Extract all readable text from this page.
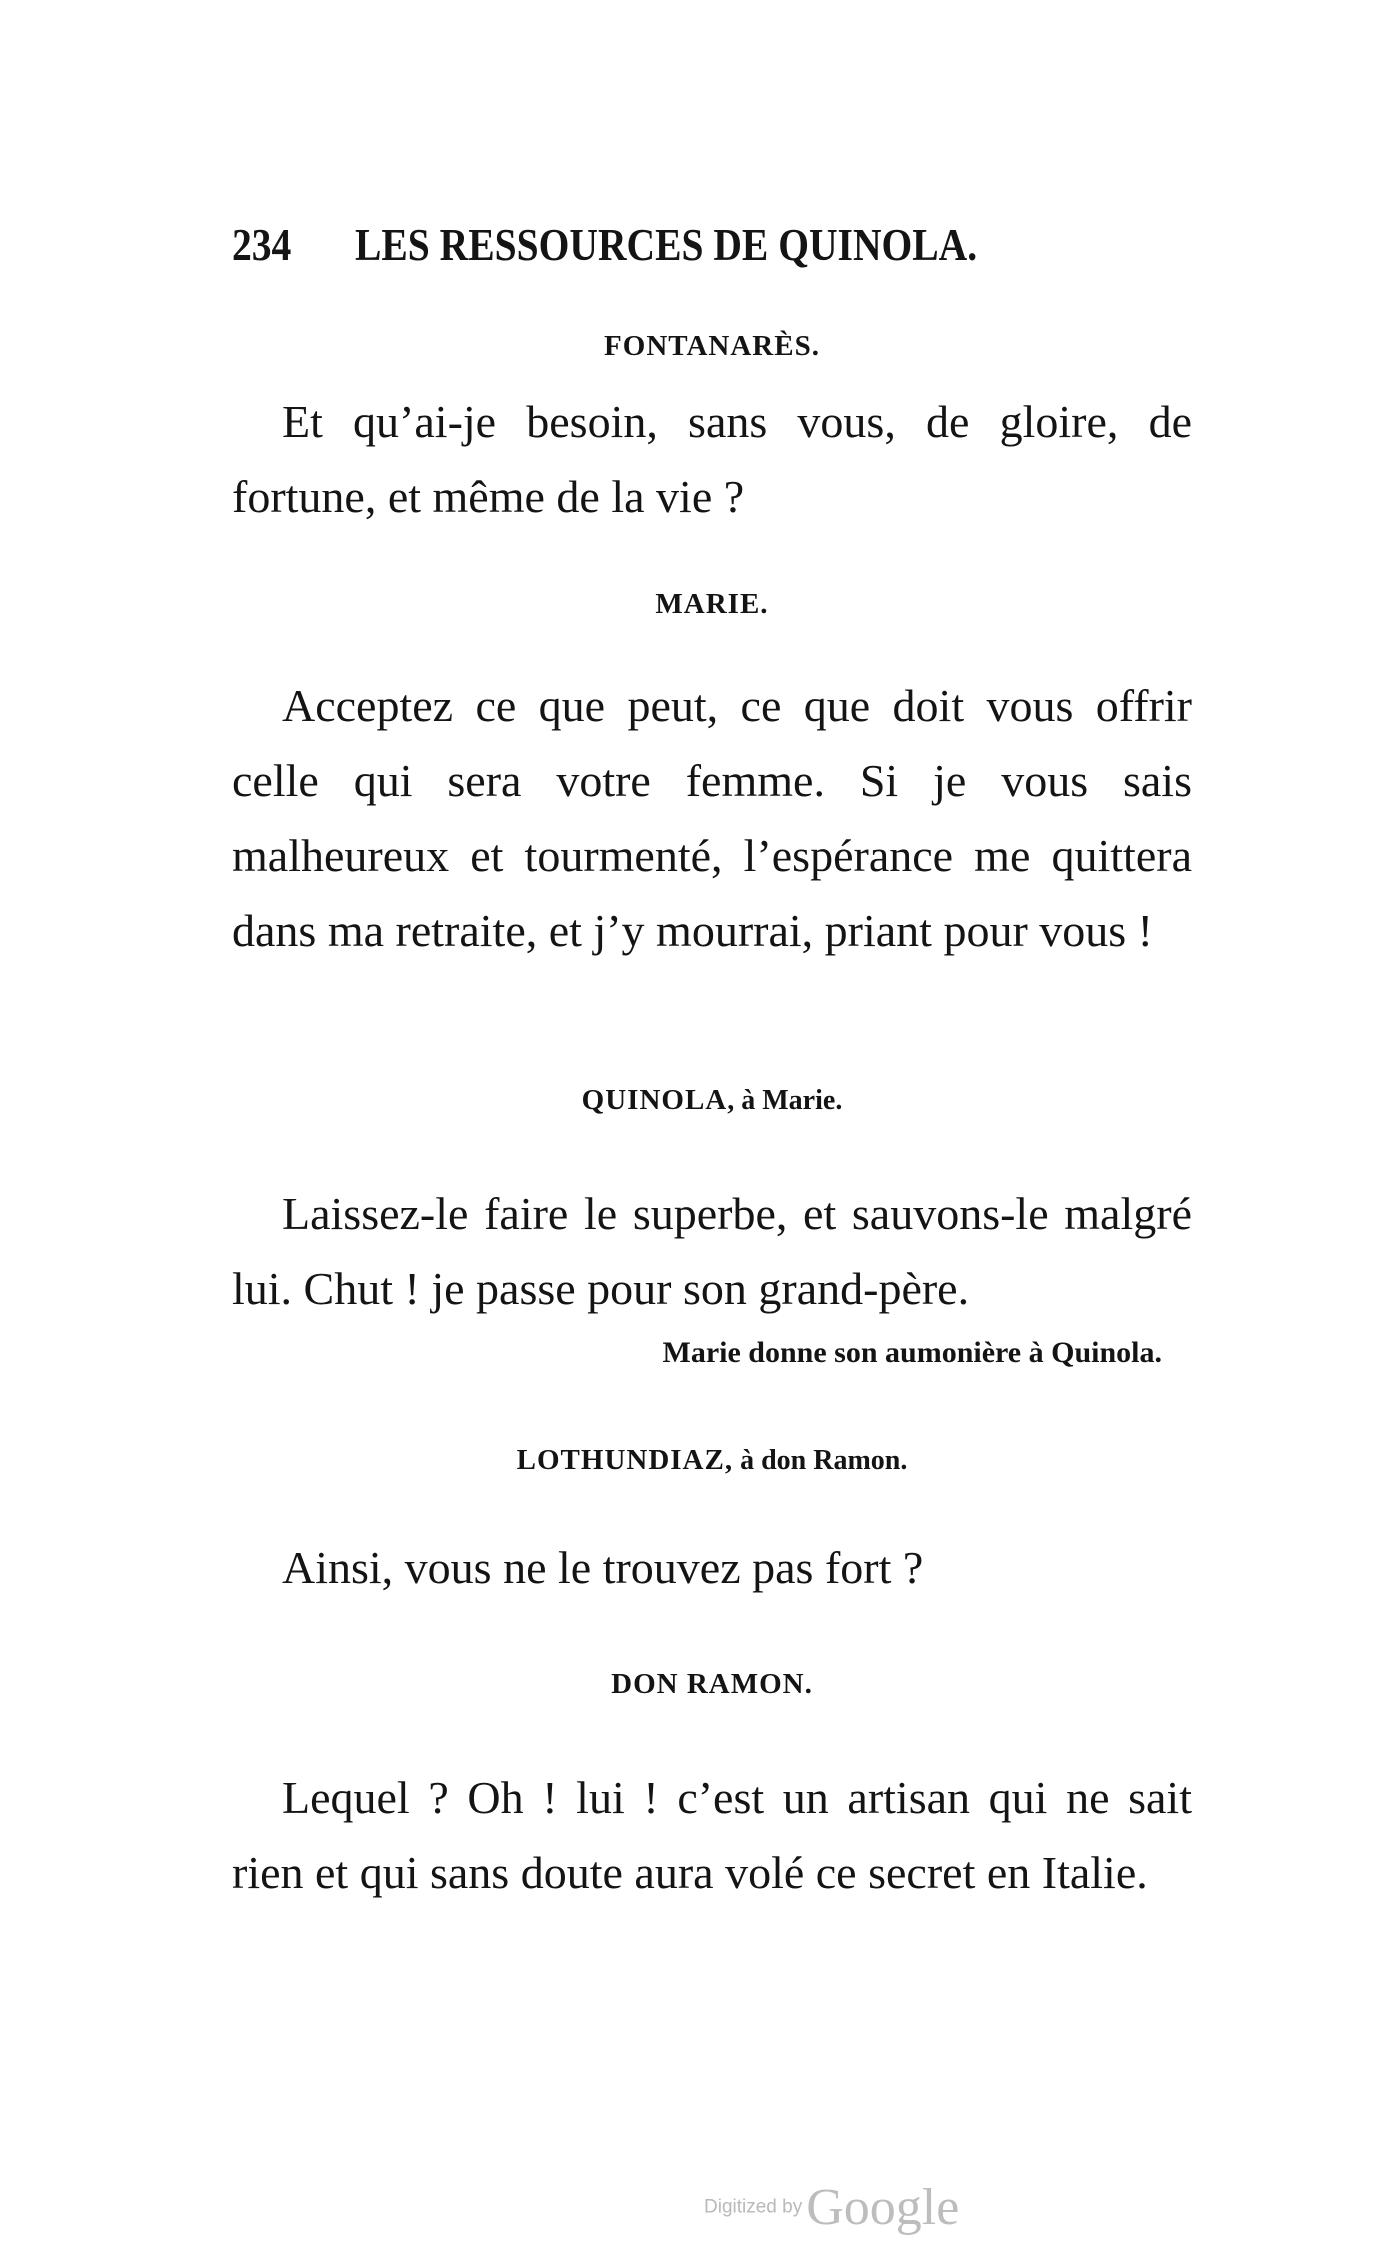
234 LES RESSOURCES DE QUINOLA.
FONTANARÈS.
Et qu’ai-je besoin, sans vous, de gloire, de fortune, et même de la vie ?
MARIE.
Acceptez ce que peut, ce que doit vous offrir celle qui sera votre femme. Si je vous sais malheureux et tourmenté, l’espérance me quittera dans ma retraite, et j’y mourrai, priant pour vous !
QUINOLA, à Marie.
Laissez-le faire le superbe, et sauvons-le malgré lui. Chut ! je passe pour son grand-père.
Marie donne son aumonière à Quinola.
LOTHUNDIAZ, à don Ramon.
Ainsi, vous ne le trouvez pas fort ?
DON RAMON.
Lequel ? Oh ! lui ! c’est un artisan qui ne sait rien et qui sans doute aura volé ce secret en Italie.
Digitized by Google
